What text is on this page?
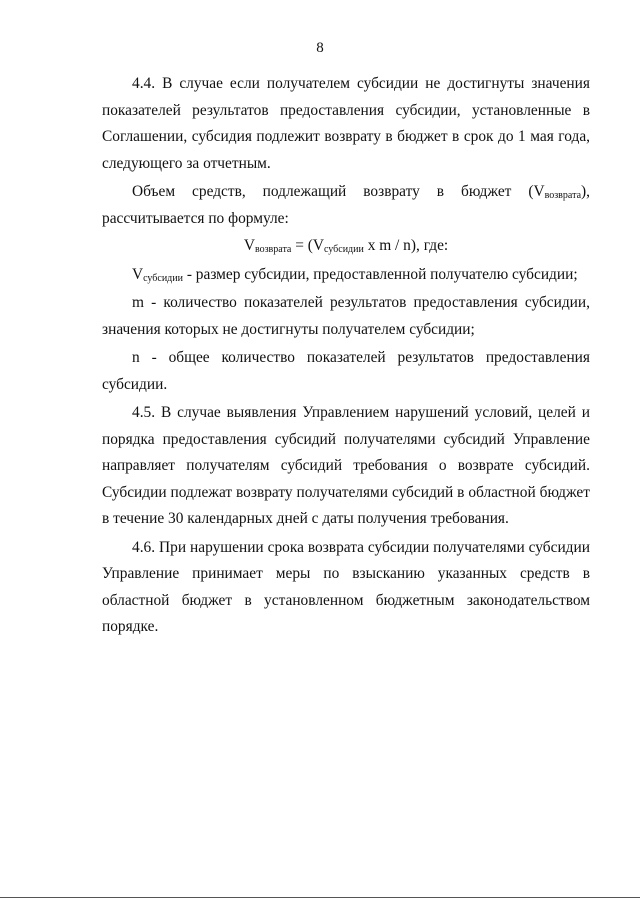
8

4.4. В случае если получателем субсидии не достигнуты значения показателей результатов предоставления субсидии, установленные в Соглашении, субсидия подлежит возврату в бюджет в срок до 1 мая года, следующего за отчетным.

Объем средств, подлежащий возврату в бюджет $(V_{возврата})$, рассчитывается по формуле:

$V_{возврата} = (V_{субсидии}$ x m / n), где:

$V_{субсидии}$ - размер субсидии, предоставленной получателю субсидии;

m - количество показателей результатов предоставления субсидии, значения которых не достигнуты получателем субсидии;

n - общее количество показателей результатов предоставления субсидии.

4.5. В случае выявления Управлением нарушений условий, целей и порядка предоставления субсидий получателями субсидий Управление направляет получателям субсидий требования о возврате субсидий. Субсидии подлежат возврату получателями субсидий в областной бюджет в течение 30 календарных дней с даты получения требования.

4.6. При нарушении срока возврата субсидии получателями субсидии Управление принимает меры по взысканию указанных средств в областной бюджет в установленном бюджетным законодательством порядке.
